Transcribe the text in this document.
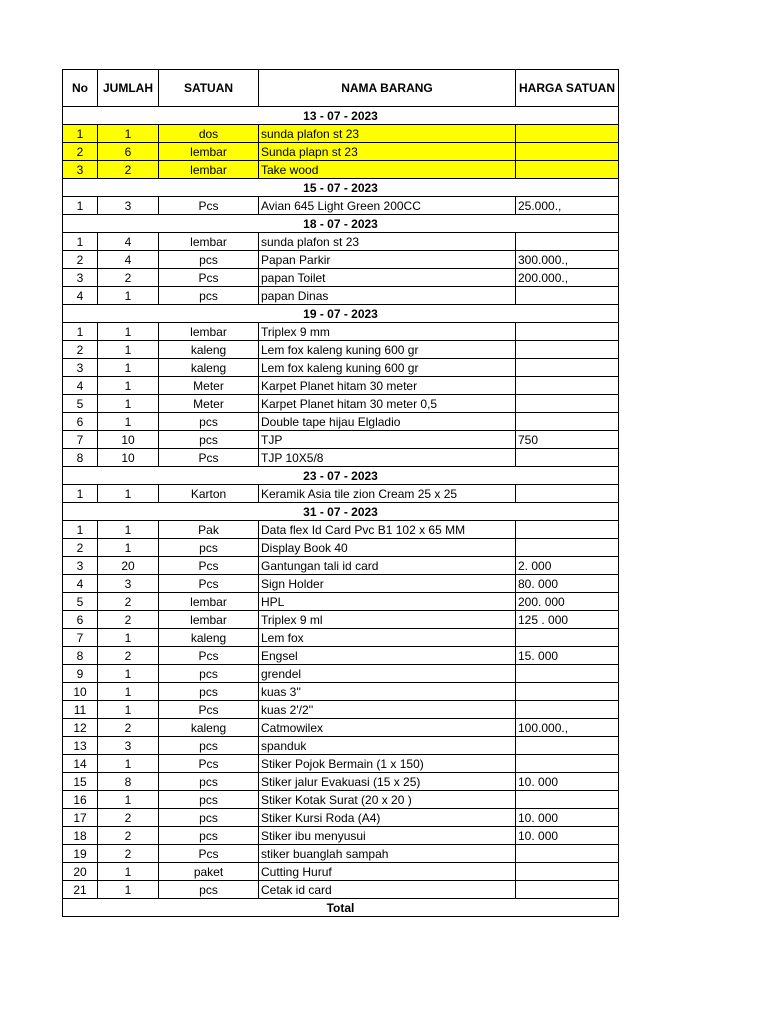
No	JUMLAH	SATUAN	NAMA BARANG	HARGA SATUAN
13 - 07 - 2023				
1	1	dos	sunda plafon st 23	
2	6	lembar	Sunda plapn st 23	
3	2	lembar	Take wood	
15 - 07 - 2023				
1	3	Pcs	Avian 645 Light Green 200CC	25.000.,
18 - 07 - 2023				
1	4	lembar	sunda plafon st 23	
2	4	pcs	Papan Parkir	300.000.,
3	2	Pcs	papan Toilet	200.000.,
4	1	pcs	papan Dinas	
19 - 07 - 2023				
1	1	lembar	Triplex 9 mm	
2	1	kaleng	Lem fox kaleng kuning 600 gr	
3	1	kaleng	Lem fox kaleng kuning 600 gr	
4	1	Meter	Karpet Planet hitam 30 meter	
5	1	Meter	Karpet Planet hitam 30 meter 0,5	
6	1	pcs	Double tape hijau Elgladio	
7	10	pcs	TJP	750
8	10	Pcs	TJP 10X5/8	
23 - 07 - 2023				
1	1	Karton	Keramik Asia tile zion Cream 25 x 25	
31 - 07 - 2023				
1	1	Pak	Data flex Id Card Pvc B1 102 x 65 MM	
2	1	pcs	Display Book 40	
3	20	Pcs	Gantungan tali id card	2. 000
4	3	Pcs	Sign Holder	80. 000
5	2	lembar	HPL	200. 000
6	2	lembar	Triplex 9 ml	125 . 000
7	1	kaleng	Lem fox	
8	2	Pcs	Engsel	15. 000
9	1	pcs	grendel	
10	1	pcs	kuas 3''	
11	1	Pcs	kuas 2'/2''	
12	2	kaleng	Catmowilex	100.000.,
13	3	pcs	spanduk	
14	1	Pcs	Stiker Pojok Bermain (1 x 150)	
15	8	pcs	Stiker jalur Evakuasi (15 x 25)	10. 000
16	1	pcs	Stiker Kotak Surat (20 x 20 )	
17	2	pcs	Stiker Kursi Roda (A4)	10. 000
18	2	pcs	Stiker ibu menyusui	10. 000
19	2	Pcs	stiker buanglah sampah	
20	1	paket	Cutting Huruf	
21	1	pcs	Cetak id card	
Total				
